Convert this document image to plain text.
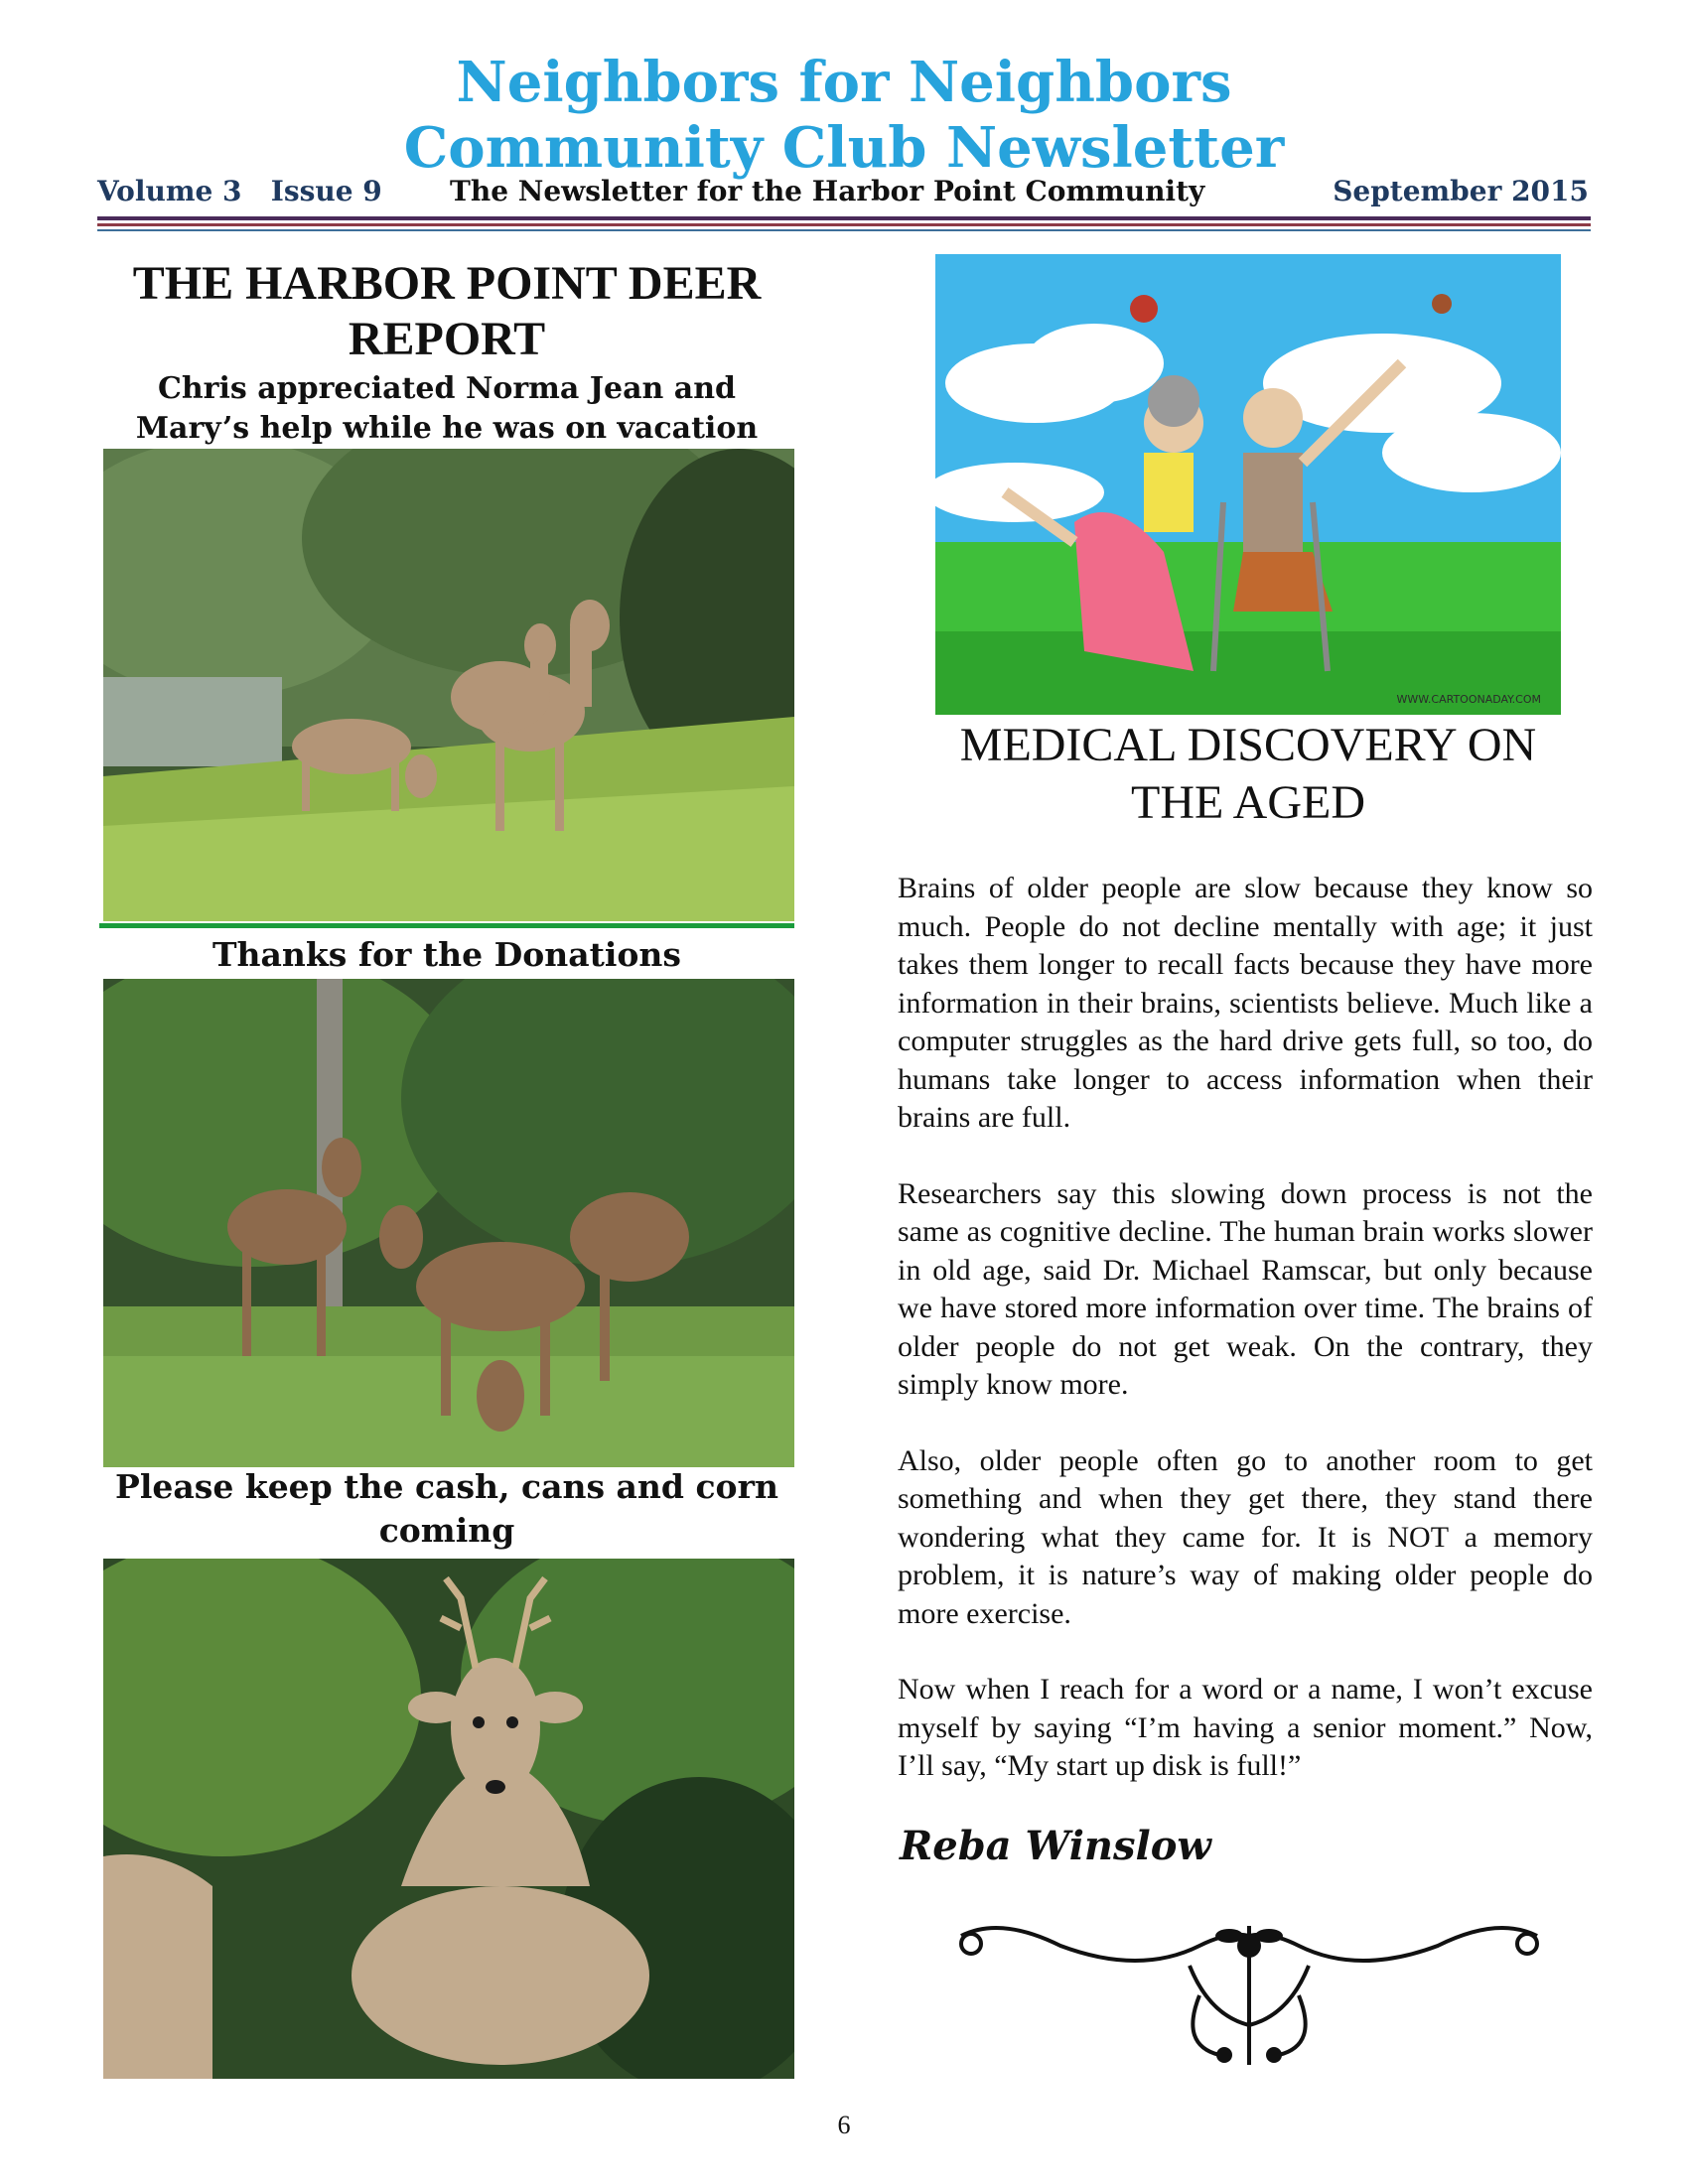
Neighbors for Neighbors
Community Club Newsletter
Volume 3   Issue 9 The Newsletter for the Harbor Point Community	September 2015
THE HARBOR POINT DEER REPORT
Chris appreciated Norma Jean and Mary’s help while he was on vacation
Thanks for the Donations
Please keep the cash, cans and corn coming
WWW.CARTOONADAY.COM
MEDICAL DISCOVERY ON THE AGED

Brains of older people are slow because they know so much. People do not decline mentally with age; it just takes them longer to recall facts because they have more information in their brains, scientists believe. Much like a computer struggles as the hard drive gets full, so too, do humans take longer to access information when their brains are full.

Researchers say this slowing down process is not the same as cognitive decline. The human brain works slower in old age, said Dr. Michael Ramscar, but only because we have stored more information over time. The brains of older people do not get weak. On the contrary, they simply know more.

Also, older people often go to another room to get something and when they get there, they stand there wondering what they came for. It is NOT a memory problem, it is nature’s way of making older people do more exercise.

Now when I reach for a word or a name, I won’t excuse myself by saying “I’m having a senior moment.” Now, I’ll say, “My start up disk is full!”

Reba Winslow
6
